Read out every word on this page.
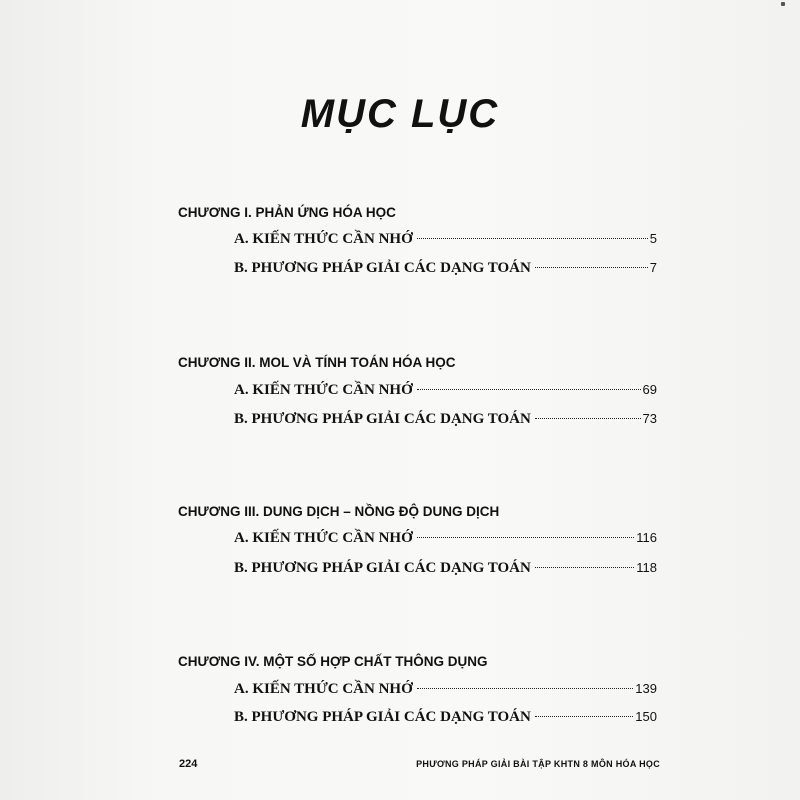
MỤC LỤC
CHƯƠNG I. PHẢN ỨNG HÓA HỌC
A. KIẾN THỨC CẦN NHỚ	5
B. PHƯƠNG PHÁP GIẢI CÁC DẠNG TOÁN	7
CHƯƠNG II. MOL VÀ TÍNH TOÁN HÓA HỌC
A. KIẾN THỨC CẦN NHỚ	69
B. PHƯƠNG PHÁP GIẢI CÁC DẠNG TOÁN	73
CHƯƠNG III. DUNG DỊCH – NỒNG ĐỘ DUNG DỊCH
A. KIẾN THỨC CẦN NHỚ	116
B. PHƯƠNG PHÁP GIẢI CÁC DẠNG TOÁN	118
CHƯƠNG IV. MỘT SỐ HỢP CHẤT THÔNG DỤNG
A. KIẾN THỨC CẦN NHỚ	139
B. PHƯƠNG PHÁP GIẢI CÁC DẠNG TOÁN	150
224	PHƯƠNG PHÁP GIẢI BÀI TẬP KHTN 8 MÔN HÓA HỌC
